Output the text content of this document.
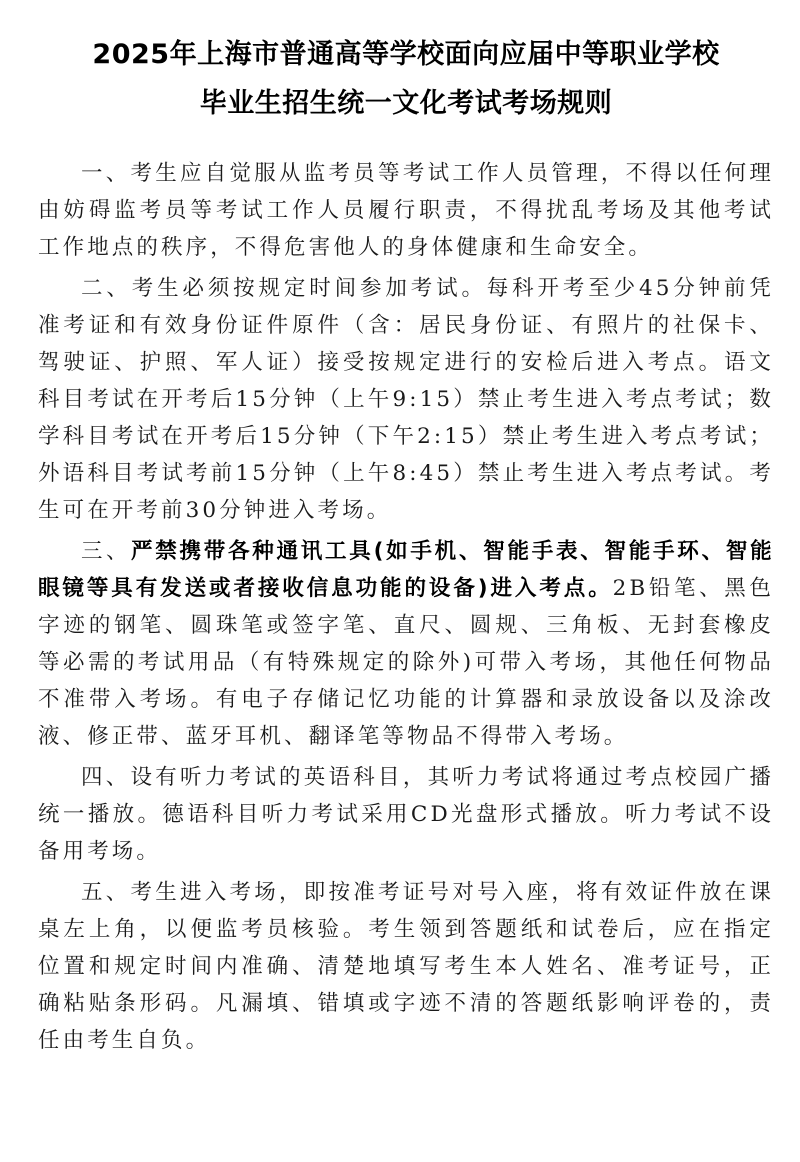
2025年上海市普通高等学校面向应届中等职业学校
毕业生招生统一文化考试考场规则

一、考生应自觉服从监考员等考试工作人员管理，不得以任何理由妨碍监考员等考试工作人员履行职责，不得扰乱考场及其他考试工作地点的秩序，不得危害他人的身体健康和生命安全。

二、考生必须按规定时间参加考试。每科开考至少45分钟前凭准考证和有效身份证件原件（含：居民身份证、有照片的社保卡、驾驶证、护照、军人证）接受按规定进行的安检后进入考点。语文科目考试在开考后15分钟（上午9:15）禁止考生进入考点考试；数学科目考试在开考后15分钟（下午2:15）禁止考生进入考点考试；外语科目考试考前15分钟（上午8:45）禁止考生进入考点考试。考生可在开考前30分钟进入考场。

三、严禁携带各种通讯工具(如手机、智能手表、智能手环、智能眼镜等具有发送或者接收信息功能的设备)进入考点。2B铅笔、黑色字迹的钢笔、圆珠笔或签字笔、直尺、圆规、三角板、无封套橡皮等必需的考试用品（有特殊规定的除外)可带入考场，其他任何物品不准带入考场。有电子存储记忆功能的计算器和录放设备以及涂改液、修正带、蓝牙耳机、翻译笔等物品不得带入考场。

四、设有听力考试的英语科目，其听力考试将通过考点校园广播统一播放。德语科目听力考试采用CD光盘形式播放。听力考试不设备用考场。

五、考生进入考场，即按准考证号对号入座，将有效证件放在课桌左上角，以便监考员核验。考生领到答题纸和试卷后，应在指定位置和规定时间内准确、清楚地填写考生本人姓名、准考证号，正确粘贴条形码。凡漏填、错填或字迹不清的答题纸影响评卷的，责任由考生自负。
